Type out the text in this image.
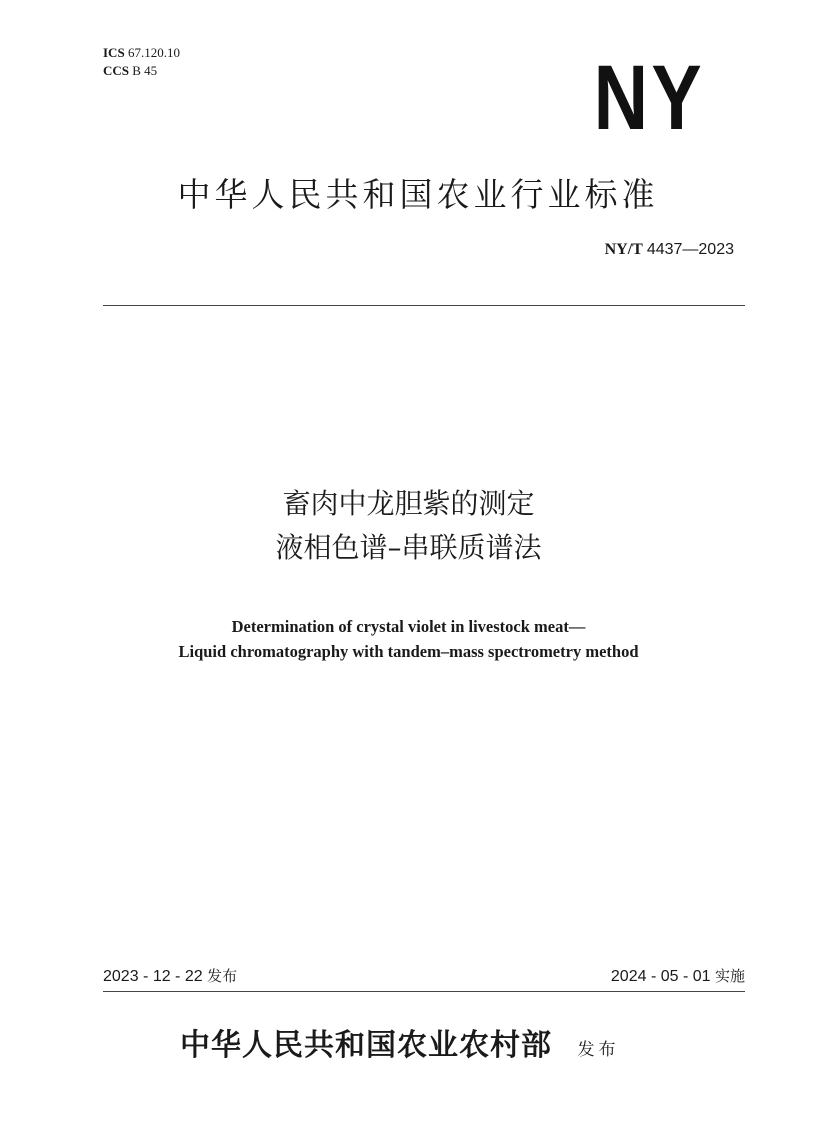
ICS 67.120.10
CCS B 45	NY
中华人民共和国农业行业标准
NY/T 4437—2023
畜肉中龙胆紫的测定
液相色谱–串联质谱法
Determination of crystal violet in livestock meat—
Liquid chromatography with tandem–mass spectrometry method
2023 - 12 - 22 发布	2024 - 05 - 01 实施
中华人民共和国农业农村部 发布
